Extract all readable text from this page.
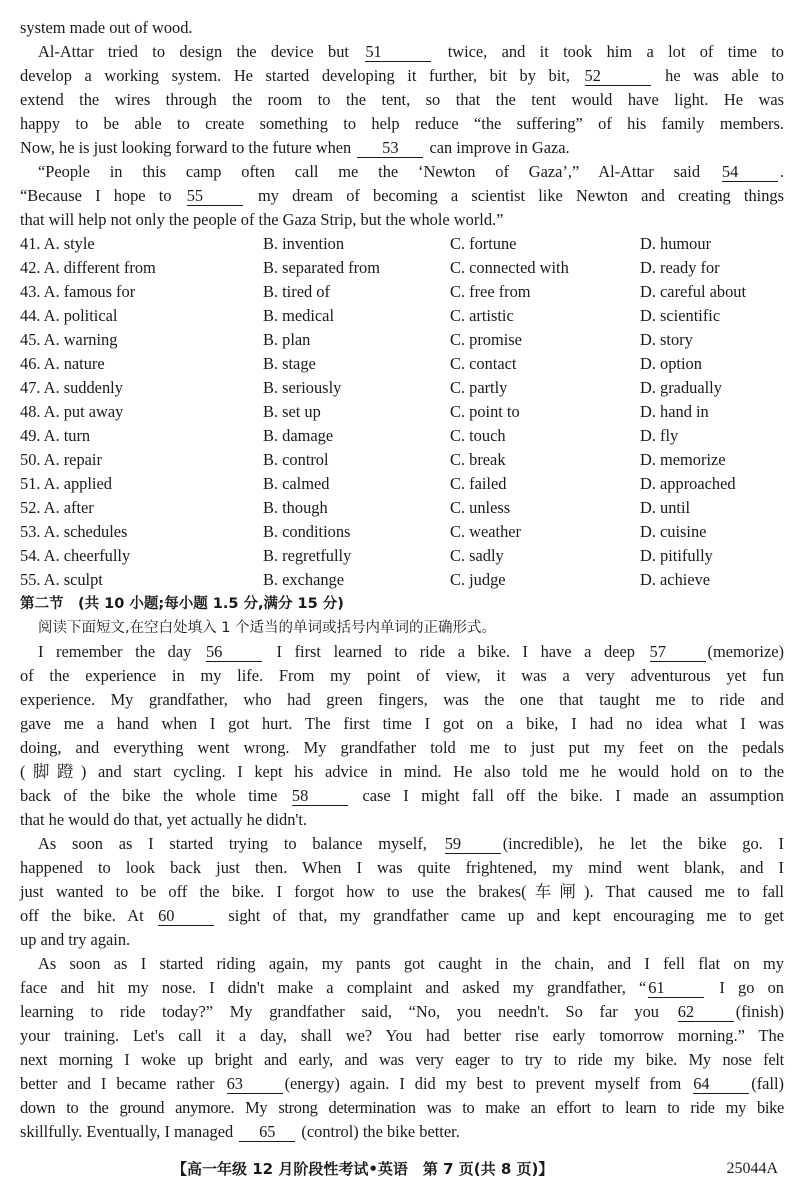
system made out of wood.
Al-Attar tried to design the device but 51	twice, and it took him a lot of time to
develop a working system. He started developing it further, bit by bit, 52	he was able to
extend the wires through the room to the tent, so that the tent would have light. He was
happy to be able to create something to help reduce “the suffering” of his family members.
Now, he is just looking forward to the future when 53 can improve in Gaza.
“People in this camp often call me the ‘Newton of Gaza’,” Al-Attar said 54	.
“Because I hope to 55	my dream of becoming a scientist like Newton and creating things
that will help not only the people of the Gaza Strip, but the whole world.”
41. A. style	B. invention	C. fortune	D. humour
42. A. different from	B. separated from	C. connected with	D. ready for
43. A. famous for	B. tired of	C. free from	D. careful about
44. A. political	B. medical	C. artistic	D. scientific
45. A. warning	B. plan	C. promise	D. story
46. A. nature	B. stage	C. contact	D. option
47. A. suddenly	B. seriously	C. partly	D. gradually
48. A. put away	B. set up	C. point to	D. hand in
49. A. turn	B. damage	C. touch	D. fly
50. A. repair	B. control	C. break	D. memorize
51. A. applied	B. calmed	C. failed	D. approached
52. A. after	B. though	C. unless	D. until
53. A. schedules	B. conditions	C. weather	D. cuisine
54. A. cheerfully	B. regretfully	C. sadly	D. pitifully
55. A. sculpt	B. exchange	C. judge	D. achieve
第二节　(共 10 小题;每小题 1.5 分,满分 15 分)
阅读下面短文,在空白处填入 1 个适当的单词或括号内单词的正确形式。
I remember the day 56	I first learned to ride a bike. I have a deep 57	(memorize)
of the experience in my life. From my point of view, it was a very adventurous yet fun
experience. My grandfather, who had green fingers, was the one that taught me to ride and
gave me a hand when I got hurt. The first time I got on a bike, I had no idea what I was
doing, and everything went wrong. My grandfather told me to just put my feet on the pedals
(脚蹬) and start cycling. I kept his advice in mind. He also told me he would hold on to the
back of the bike the whole time 58	case I might fall off the bike. I made an assumption
that he would do that, yet actually he didn't.
As soon as I started trying to balance myself, 59	(incredible), he let the bike go. I
happened to look back just then. When I was quite frightened, my mind went blank, and I
just wanted to be off the bike. I forgot how to use the brakes(车闸). That caused me to fall
off the bike. At 60	sight of that, my grandfather came up and kept encouraging me to get
up and try again.
As soon as I started riding again, my pants got caught in the chain, and I fell flat on my
face and hit my nose. I didn't make a complaint and asked my grandfather, “ 61	I go on
learning to ride today?” My grandfather said, “No, you needn't. So far you 62	(finish)
your training. Let's call it a day, shall we? You had better rise early tomorrow morning.” The
next morning I woke up bright and early, and was very eager to try to ride my bike. My nose felt
better and I became rather 63	(energy) again. I did my best to prevent myself from 64	(fall)
down to the ground anymore. My strong determination was to make an effort to learn to ride my bike
skillfully. Eventually, I managed 65 (control) the bike better.
【高一年级 12 月阶段性考试•英语　第 7 页(共 8 页)】	25044A
